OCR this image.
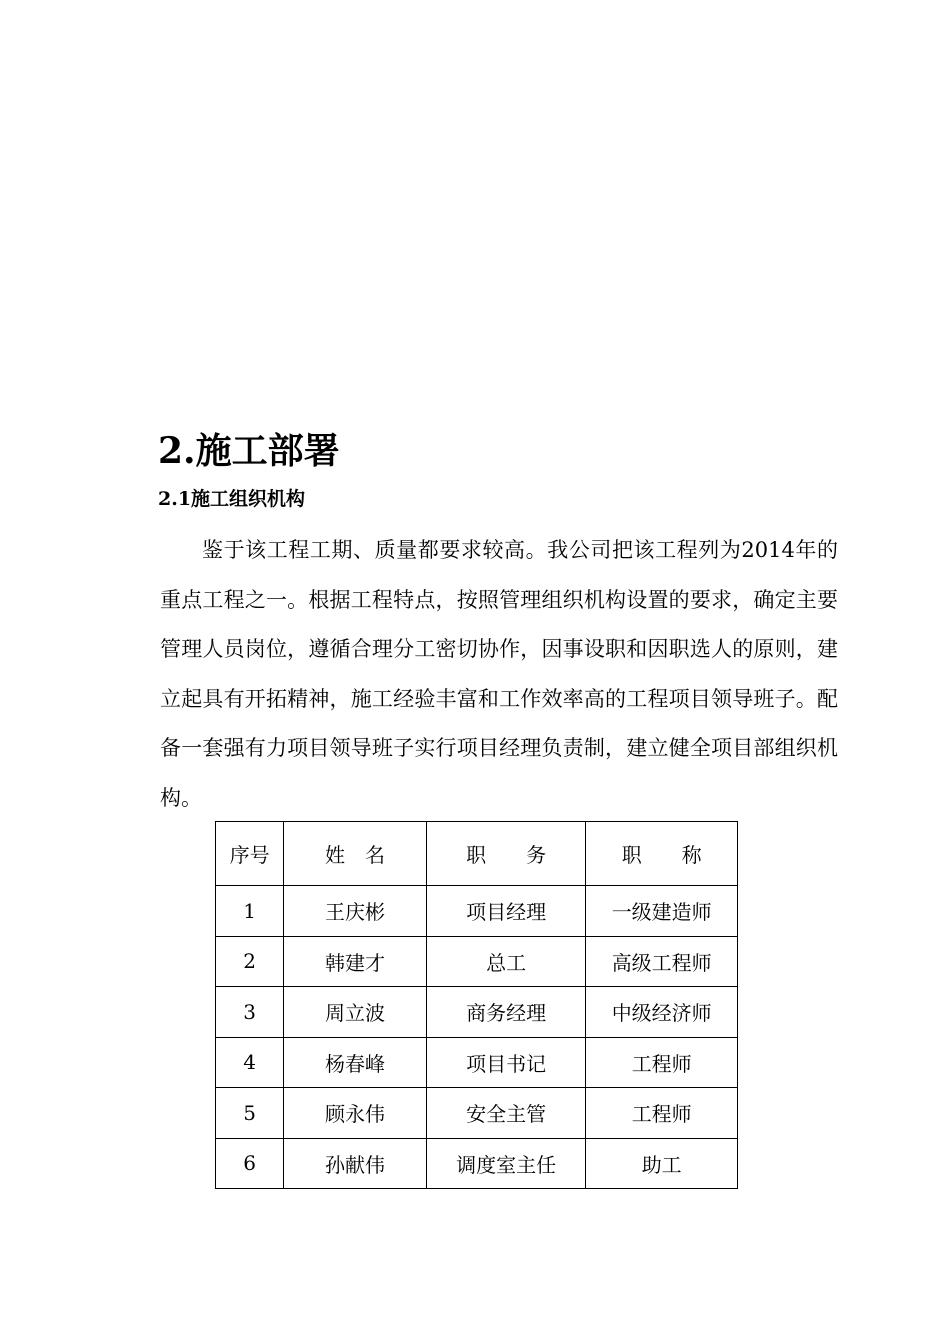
2.施工部署
2.1施工组织机构

鉴于该工程工期、质量都要求较高。我公司把该工程列为2014年的重点工程之一。根据工程特点，按照管理组织机构设置的要求，确定主要管理人员岗位，遵循合理分工密切协作，因事设职和因职选人的原则，建立起具有开拓精神，施工经验丰富和工作效率高的工程项目领导班子。配备一套强有力项目领导班子实行项目经理负责制，建立健全项目部组织机构。

序号	姓　名	职　　务	职　　称
1	王庆彬	项目经理	一级建造师
2	韩建才	总工	高级工程师
3	周立波	商务经理	中级经济师
4	杨春峰	项目书记	工程师
5	顾永伟	安全主管	工程师
6	孙献伟	调度室主任	助工
